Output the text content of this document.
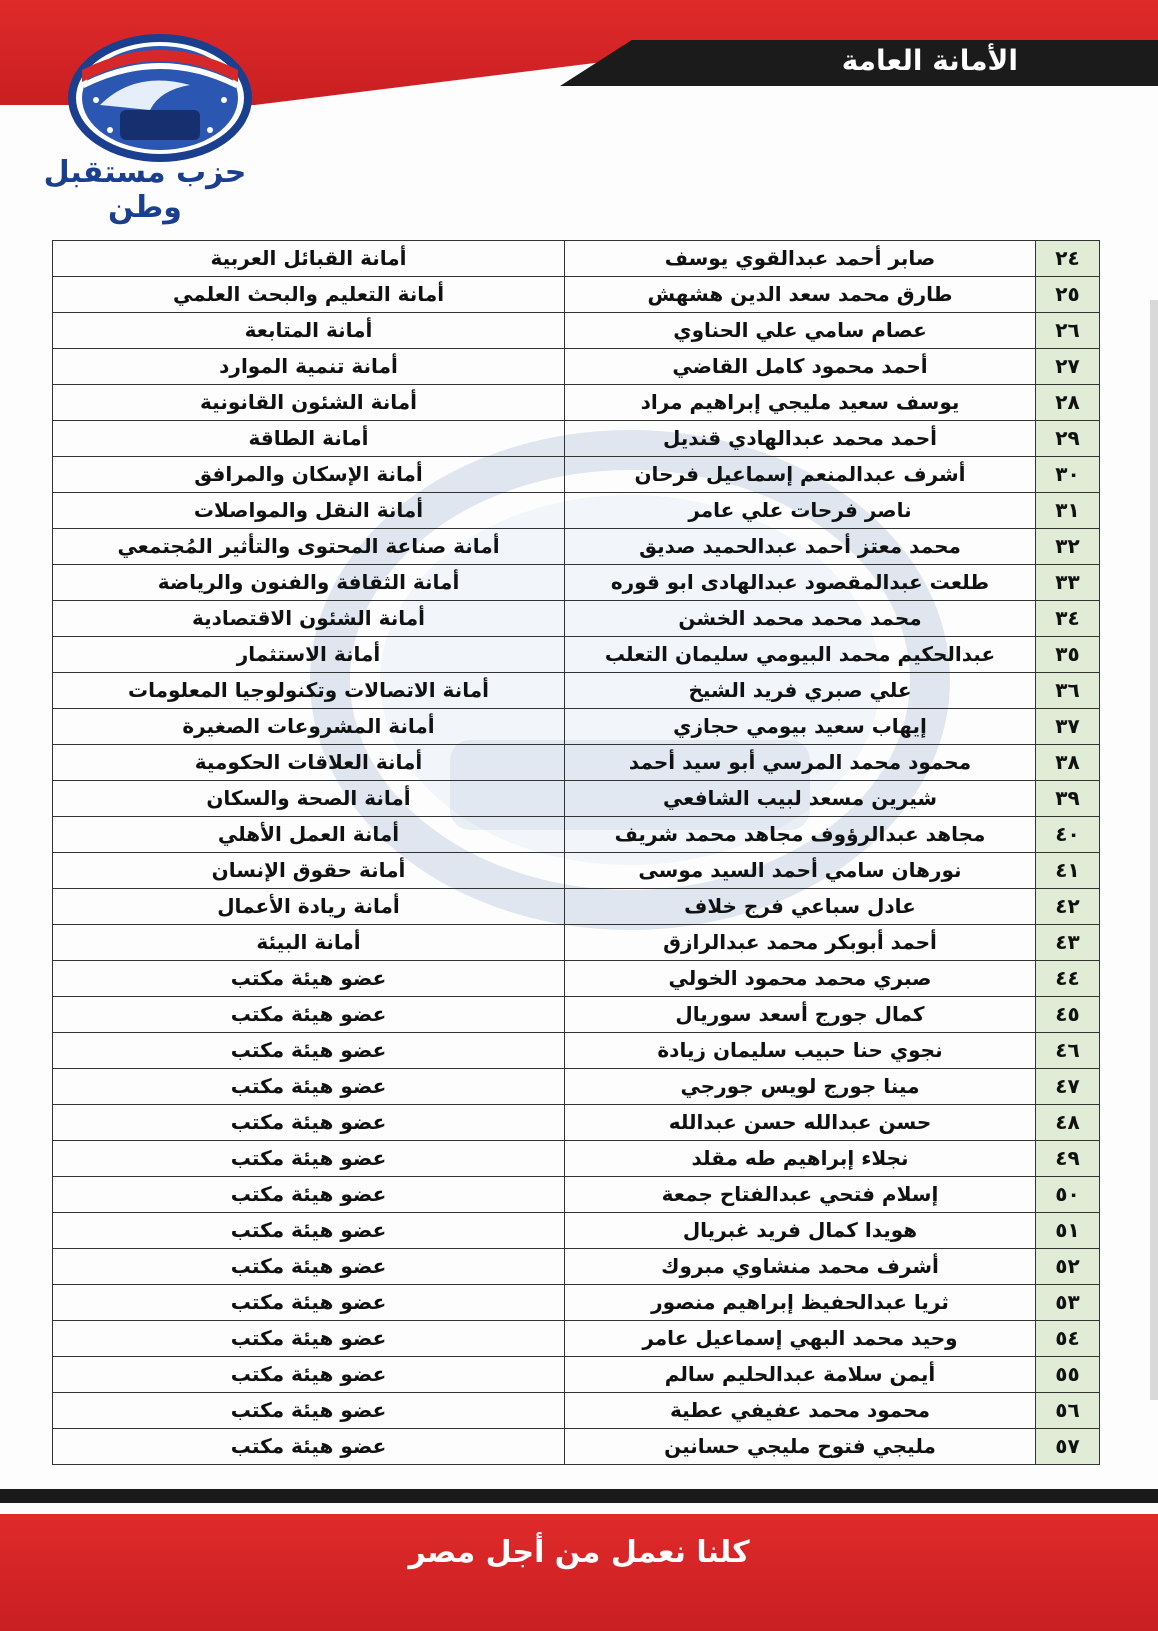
الأمانة العامة
حزب مستقبل وطن
٢٤	صابر أحمد عبدالقوي يوسف	أمانة القبائل العربية
٢٥	طارق محمد سعد الدين هشهش	أمانة التعليم والبحث العلمي
٢٦	عصام سامي علي الحناوي	أمانة المتابعة
٢٧	أحمد محمود كامل القاضي	أمانة تنمية الموارد
٢٨	يوسف سعيد مليجي إبراهيم مراد	أمانة الشئون القانونية
٢٩	أحمد محمد عبدالهادي قنديل	أمانة الطاقة
٣٠	أشرف عبدالمنعم إسماعيل فرحان	أمانة الإسكان والمرافق
٣١	ناصر فرحات علي عامر	أمانة النقل والمواصلات
٣٢	محمد معتز أحمد عبدالحميد صديق	أمانة صناعة المحتوى والتأثير المُجتمعي
٣٣	طلعت عبدالمقصود عبدالهادى ابو قوره	أمانة الثقافة والفنون والرياضة
٣٤	محمد محمد محمد الخشن	أمانة الشئون الاقتصادية
٣٥	عبدالحكيم محمد البيومي سليمان التعلب	أمانة الاستثمار
٣٦	علي صبري فريد الشيخ	أمانة الاتصالات وتكنولوجيا المعلومات
٣٧	إيهاب سعيد بيومي حجازي	أمانة المشروعات الصغيرة
٣٨	محمود محمد المرسي أبو سيد أحمد	أمانة العلاقات الحكومية
٣٩	شيرين مسعد لبيب الشافعي	أمانة الصحة والسكان
٤٠	مجاهد عبدالرؤوف مجاهد محمد شريف	أمانة العمل الأهلي
٤١	نورهان سامي أحمد السيد موسى	أمانة حقوق الإنسان
٤٢	عادل سباعي فرج خلاف	أمانة ريادة الأعمال
٤٣	أحمد أبوبكر محمد عبدالرازق	أمانة البيئة
٤٤	صبري محمد محمود الخولي	عضو هيئة مكتب
٤٥	كمال جورج أسعد سوريال	عضو هيئة مكتب
٤٦	نجوي حنا حبيب سليمان زيادة	عضو هيئة مكتب
٤٧	مينا جورج لويس جورجي	عضو هيئة مكتب
٤٨	حسن عبدالله حسن عبدالله	عضو هيئة مكتب
٤٩	نجلاء إبراهيم طه مقلد	عضو هيئة مكتب
٥٠	إسلام فتحي عبدالفتاح جمعة	عضو هيئة مكتب
٥١	هويدا كمال فريد غبريال	عضو هيئة مكتب
٥٢	أشرف محمد منشاوي مبروك	عضو هيئة مكتب
٥٣	ثريا عبدالحفيظ إبراهيم منصور	عضو هيئة مكتب
٥٤	وحيد محمد البهي إسماعيل عامر	عضو هيئة مكتب
٥٥	أيمن سلامة عبدالحليم سالم	عضو هيئة مكتب
٥٦	محمود محمد عفيفي عطية	عضو هيئة مكتب
٥٧	مليجي فتوح مليجي حسانين	عضو هيئة مكتب
كلنا نعمل من أجل مصر
